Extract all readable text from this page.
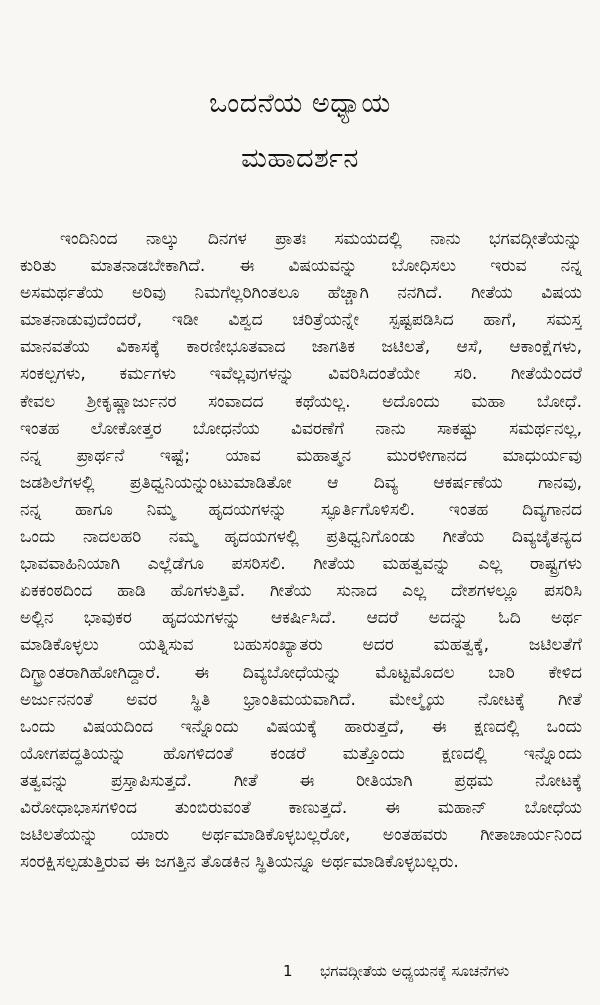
ಒಂದನೆಯ ಅಧ್ಯಾಯ
ಮಹಾದರ್ಶನ
ಇಂದಿನಿಂದ ನಾಲ್ಕು ದಿನಗಳ ಪ್ರಾತಃ ಸಮಯದಲ್ಲಿ ನಾನು ಭಗವದ್ಗೀತೆಯನ್ನು
ಕುರಿತು ಮಾತನಾಡಬೇಕಾಗಿದೆ. ಈ ವಿಷಯವನ್ನು ಬೋಧಿಸಲು ಇರುವ ನನ್ನ
ಅಸಮರ್ಥತೆಯ ಅರಿವು ನಿಮಗೆಲ್ಲರಿಗಿಂತಲೂ ಹೆಚ್ಚಾಗಿ ನನಗಿದೆ. ಗೀತೆಯ ವಿಷಯ
ಮಾತನಾಡುವುದೆಂದರೆ, ಇಡೀ ವಿಶ್ವದ ಚರಿತ್ರೆಯನ್ನೇ ಸ್ಪಷ್ಟಪಡಿಸಿದ ಹಾಗೆ, ಸಮಸ್ತ
ಮಾನವತೆಯ ವಿಕಾಸಕ್ಕೆ ಕಾರಣೀಭೂತವಾದ ಜಾಗತಿಕ ಜಟಿಲತೆ, ಆಸೆ, ಆಕಾಂಕ್ಷೆಗಳು,
ಸಂಕಲ್ಪಗಳು, ಕರ್ಮಗಳು ಇವೆಲ್ಲವುಗಳನ್ನು ವಿವರಿಸಿದಂತೆಯೇ ಸರಿ. ಗೀತೆಯೆಂದರೆ
ಕೇವಲ ಶ್ರೀಕೃಷ್ಣಾರ್ಜುನರ ಸಂವಾದದ ಕಥೆಯಲ್ಲ. ಅದೊಂದು ಮಹಾ ಬೋಧೆ.
ಇಂತಹ ಲೋಕೋತ್ತರ ಬೋಧನೆಯ ವಿವರಣೆಗೆ ನಾನು ಸಾಕಷ್ಟು ಸಮರ್ಥನಲ್ಲ,
ನನ್ನ ಪ್ರಾರ್ಥನೆ ಇಷ್ಟೆ; ಯಾವ ಮಹಾತ್ಮನ ಮುರಳೀಗಾನದ ಮಾಧುರ್ಯವು
ಜಡಶಿಲೆಗಳಲ್ಲಿ ಪ್ರತಿಧ್ವನಿಯನ್ನುಂಟುಮಾಡಿತೋ ಆ ದಿವ್ಯ ಆಕರ್ಷಣೆಯ ಗಾನವು,
ನನ್ನ ಹಾಗೂ ನಿಮ್ಮ ಹೃದಯಗಳನ್ನು ಸ್ಫೂರ್ತಿಗೊಳಿಸಲಿ. ಇಂತಹ ದಿವ್ಯಗಾನದ
ಒಂದು ನಾದಲಹರಿ ನಮ್ಮ ಹೃದಯಗಳಲ್ಲಿ ಪ್ರತಿಧ್ವನಿಗೊಂಡು ಗೀತೆಯ ದಿವ್ಯಚೈತನ್ಯದ
ಭಾವವಾಹಿನಿಯಾಗಿ ಎಲ್ಲೆಡೆಗೂ ಪಸರಿಸಲಿ. ಗೀತೆಯ ಮಹತ್ವವನ್ನು ಎಲ್ಲ ರಾಷ್ಟ್ರಗಳು
ಏಕಕಂಠದಿಂದ ಹಾಡಿ ಹೊಗಳುತ್ತಿವೆ. ಗೀತೆಯ ಸುನಾದ ಎಲ್ಲ ದೇಶಗಳಲ್ಲೂ ಪಸರಿಸಿ
ಅಲ್ಲಿನ ಭಾವುಕರ ಹೃದಯಗಳನ್ನು ಆಕರ್ಷಿಸಿದೆ. ಆದರೆ ಅದನ್ನು ಓದಿ ಅರ್ಥ
ಮಾಡಿಕೊಳ್ಳಲು ಯತ್ನಿಸುವ ಬಹುಸಂಖ್ಯಾತರು ಅದರ ಮಹತ್ವಕ್ಕೆ, ಜಟಿಲತೆಗೆ
ದಿಗ್ಭ್ರಾಂತರಾಗಿಹೋಗಿದ್ದಾರೆ. ಈ ದಿವ್ಯಬೋಧೆಯನ್ನು ಮೊಟ್ಟಮೊದಲ ಬಾರಿ ಕೇಳಿದ
ಅರ್ಜುನನಂತೆ ಅವರ ಸ್ಥಿತಿ ಭ್ರಾಂತಿಮಯವಾಗಿದೆ. ಮೇಲ್ಮೈಯ ನೋಟಕ್ಕೆ ಗೀತೆ
ಒಂದು ವಿಷಯದಿಂದ ಇನ್ನೊಂದು ವಿಷಯಕ್ಕೆ ಹಾರುತ್ತದೆ, ಈ ಕ್ಷಣದಲ್ಲಿ ಒಂದು
ಯೋಗಪದ್ಧತಿಯನ್ನು ಹೊಗಳಿದಂತೆ ಕಂಡರೆ ಮತ್ತೊಂದು ಕ್ಷಣದಲ್ಲಿ ಇನ್ನೊಂದು
ತತ್ವವನ್ನು ಪ್ರಸ್ತಾಪಿಸುತ್ತದೆ. ಗೀತೆ ಈ ರೀತಿಯಾಗಿ ಪ್ರಥಮ ನೋಟಕ್ಕೆ
ವಿರೋಧಾಭಾಸಗಳಿಂದ ತುಂಬಿರುವಂತೆ ಕಾಣುತ್ತದೆ. ಈ ಮಹಾನ್ ಬೋಧೆಯ
ಜಟಿಲತೆಯನ್ನು ಯಾರು ಅರ್ಥಮಾಡಿಕೊಳ್ಳಬಲ್ಲರೋ, ಅಂತಹವರು ಗೀತಾಚಾರ್ಯನಿಂದ
ಸಂರಕ್ಷಿಸಲ್ಪಡುತ್ತಿರುವ ಈ ಜಗತ್ತಿನ ತೊಡಕಿನ ಸ್ಥಿತಿಯನ್ನೂ ಅರ್ಥಮಾಡಿಕೊಳ್ಳಬಲ್ಲರು.
1 ಭಗವದ್ಗೀತೆಯ ಅಧ್ಯಯನಕ್ಕೆ ಸೂಚನೆಗಳು
